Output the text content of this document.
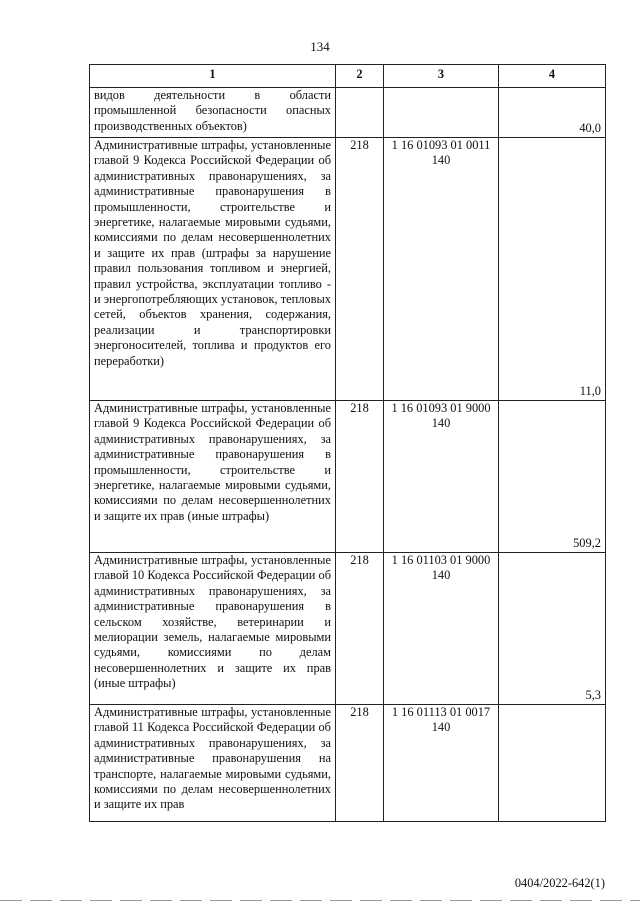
134
1	2	3	4
видов деятельности в области промышленной безопасности опасных производственных объектов)			40,0
Административные штрафы, установленные главой 9 Кодекса Российской Федерации об административных правонарушениях, за административные правонарушения в промышленности, строительстве и энергетике, налагаемые мировыми судьями, комиссиями по делам несовершеннолетних и защите их прав (штрафы за нарушение правил пользования топливом и энергией, правил устройства, эксплуатации топливо - и энергопотребляющих установок, тепловых сетей, объектов хранения, содержания, реализации и транспортировки энергоносителей, топлива и продуктов его переработки)	218	1 16 01093 01 0011 140	11,0
Административные штрафы, установленные главой 9 Кодекса Российской Федерации об административных правонарушениях, за административные правонарушения в промышленности, строительстве и энергетике, налагаемые мировыми судьями, комиссиями по делам несовершеннолетних и защите их прав (иные штрафы)	218	1 16 01093 01 9000 140	509,2
Административные штрафы, установленные главой 10 Кодекса Российской Федерации об административных правонарушениях, за административные правонарушения в сельском хозяйстве, ветеринарии и мелиорации земель, налагаемые мировыми судьями, комиссиями по делам несовершеннолетних и защите их прав (иные штрафы)	218	1 16 01103 01 9000 140	5,3
Административные штрафы, установленные главой 11 Кодекса Российской Федерации об административных правонарушениях, за административные правонарушения на транспорте, налагаемые мировыми судьями, комиссиями по делам несовершеннолетних и защите их прав	218	1 16 01113 01 0017 140	
0404/2022-642(1)
